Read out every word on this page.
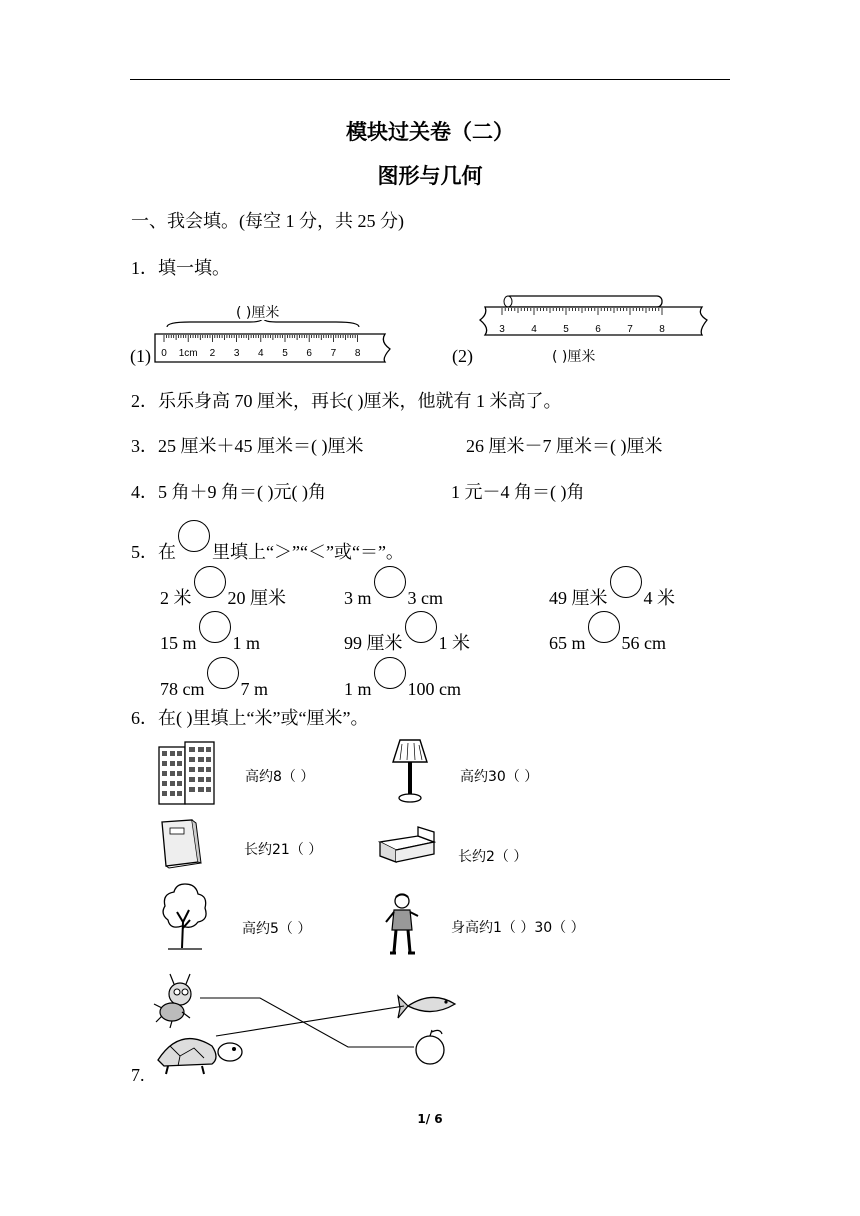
模块过关卷（二）
图形与几何
一、我会填。(每空 1 分，共 25 分)
1．填一填。
(1)
( )厘米
0 1cm 2 3 4 5 6 7 8	(2)
3	4	5	6	7	8
( )厘米
2．乐乐身高 70 厘米，再长( )厘米，他就有 1 米高了。
3．25 厘米＋45 厘米＝( )厘米	26 厘米－7 厘米＝( )厘米
4．5 角＋9 角＝( )元( )角	1 元－4 角＝( )角
5．在 里填上“＞”“＜”或“＝”。
2 米 20 厘米	3 m 3 cm	49 厘米 4 米
15 m 1 m	99 厘米 1 米	65 m 56 cm
78 cm 7 m	1 m 100 cm
6．在( )里填上“米”或“厘米”。
高约8（ ）	高约30（ ）
长约21（ ）	长约2（ ）
高约5（ ）	身高约1（ ）30（ ）
7.
1/ 6
